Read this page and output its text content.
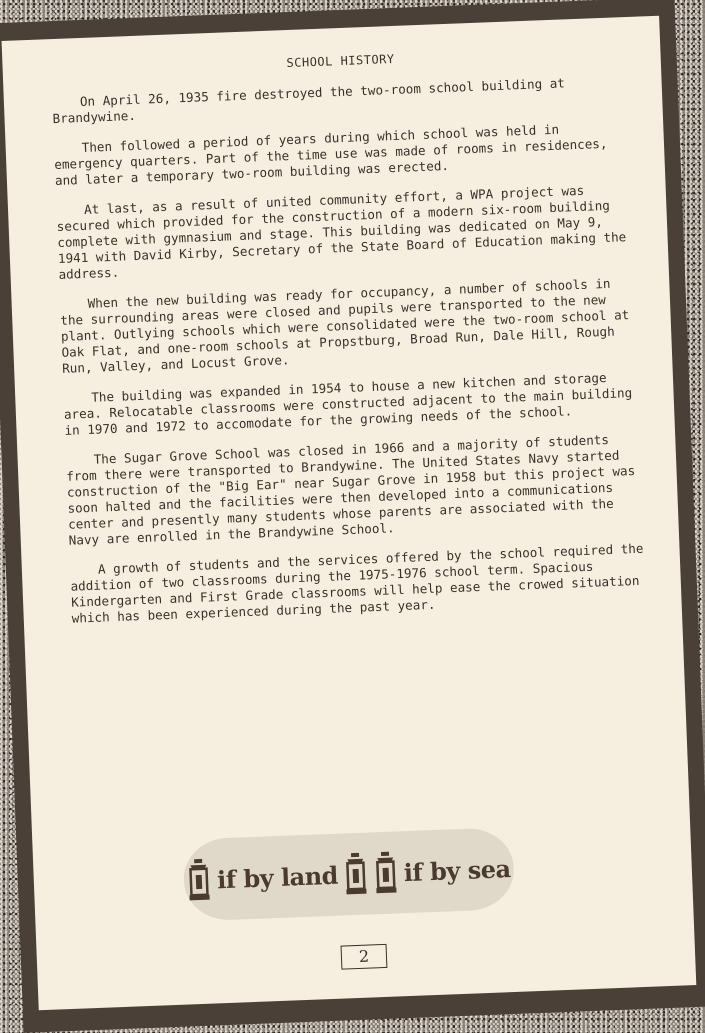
SCHOOL HISTORY

On April 26, 1935 fire destroyed the two-room school building at Brandywine.

Then followed a period of years during which school was held in emergency quarters. Part of the time use was made of rooms in residences, and later a temporary two-room building was erected.

At last, as a result of united community effort, a WPA project was secured which provided for the construction of a modern six-room building complete with gymnasium and stage. This building was dedicated on May 9, 1941 with David Kirby, Secretary of the State Board of Education making the address.

When the new building was ready for occupancy, a number of schools in the surrounding areas were closed and pupils were transported to the new plant. Outlying schools which were consolidated were the two-room school at Oak Flat, and one-room schools at Propstburg, Broad Run, Dale Hill, Rough Run, Valley, and Locust Grove.

The building was expanded in 1954 to house a new kitchen and storage area. Relocatable classrooms were constructed adjacent to the main building in 1970 and 1972 to accomodate for the growing needs of the school.

The Sugar Grove School was closed in 1966 and a majority of students from there were transported to Brandywine. The United States Navy started construction of the "Big Ear" near Sugar Grove in 1958 but this project was soon halted and the facilities were then developed into a communications center and presently many students whose parents are associated with the Navy are enrolled in the Brandywine School.

A growth of students and the services offered by the school required the addition of two classrooms during the 1975-1976 school term. Spacious Kindergarten and First Grade classrooms will help ease the crowed situation which has been experienced during the past year.

if by land	if by sea
2
